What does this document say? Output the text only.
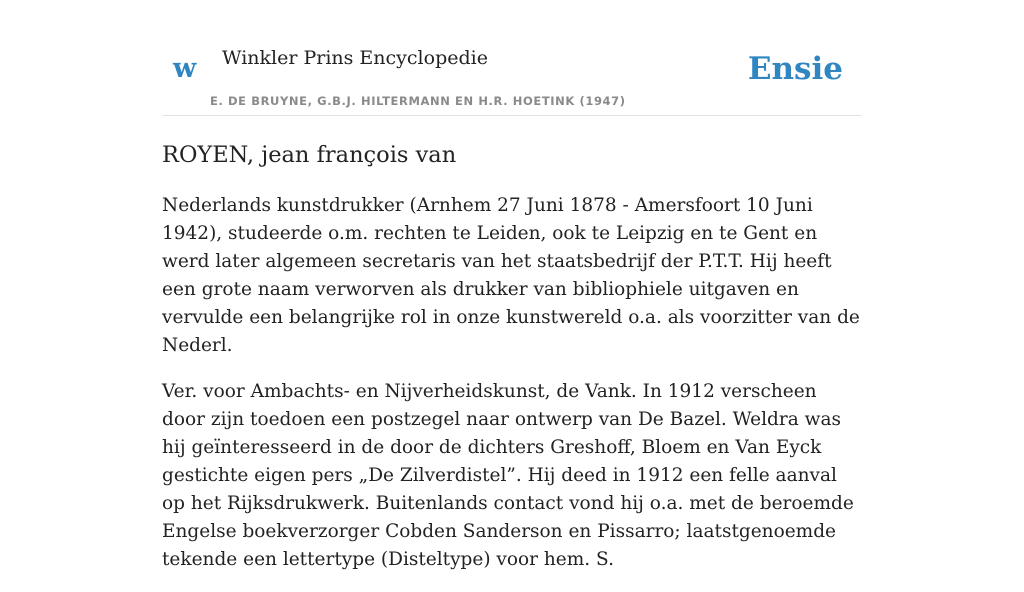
w Winkler Prins Encyclopedie
E. DE BRUYNE, G.B.J. HILTERMANN EN H.R. HOETINK (1947)
Ensie
ROYEN, jean françois van

Nederlands kunstdrukker (Arnhem 27 Juni 1878 - Amersfoort 10 Juni 1942), studeerde o.m. rechten te Leiden, ook te Leipzig en te Gent en werd later algemeen secretaris van het staatsbedrijf der P.T.T. Hij heeft een grote naam verworven als drukker van bibliophiele uitgaven en vervulde een belangrijke rol in onze kunstwereld o.a. als voorzitter van de Nederl.

Ver. voor Ambachts- en Nijverheidskunst, de Vank. In 1912 verscheen door zijn toedoen een postzegel naar ontwerp van De Bazel. Weldra was hij geïnteresseerd in de door de dichters Greshoff, Bloem en Van Eyck gestichte eigen pers „De Zilverdistel”. Hij deed in 1912 een felle aanval op het Rijksdrukwerk. Buitenlands contact vond hij o.a. met de beroemde Engelse boekverzorger Cobden Sanderson en Pissarro; laatstgenoemde tekende een lettertype (Disteltype) voor hem. S.
